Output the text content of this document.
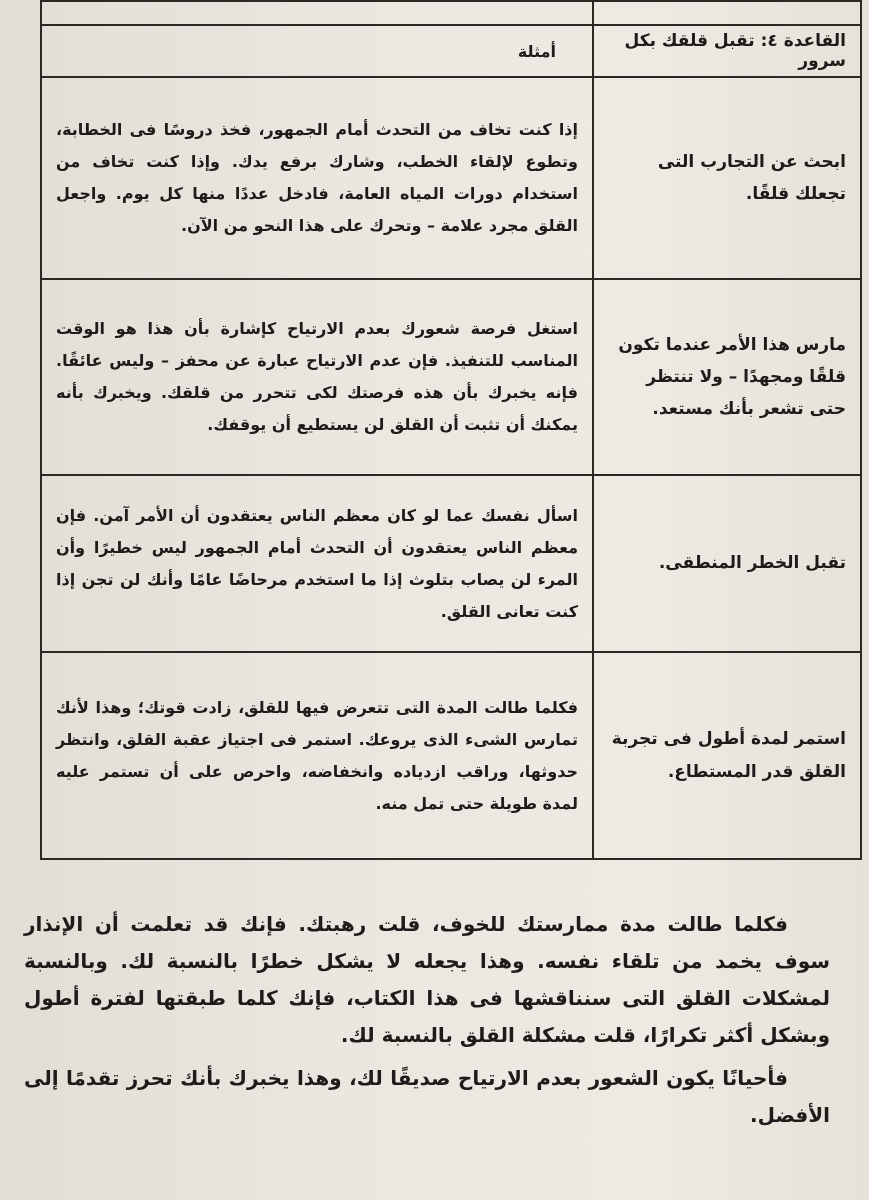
القاعدة ٤: تقبل قلقك بكل سرور	أمثلة
ابحث عن التجارب التى تجعلك قلقًا.	إذا كنت تخاف من التحدث أمام الجمهور، فخذ دروسًا فى الخطابة، وتطوع لإلقاء الخطب، وشارك برفع يدك. وإذا كنت تخاف من استخدام دورات المياه العامة، فادخل عددًا منها كل يوم. واجعل القلق مجرد علامة – وتحرك على هذا النحو من الآن.
مارس هذا الأمر عندما تكون قلقًا ومجهدًا – ولا تنتظر حتى تشعر بأنك مستعد.	استغل فرصة شعورك بعدم الارتياح كإشارة بأن هذا هو الوقت المناسب للتنفيذ. فإن عدم الارتياح عبارة عن محفز – وليس عائقًا. فإنه يخبرك بأن هذه فرصتك لكى تتحرر من قلقك. ويخبرك بأنه يمكنك أن تثبت أن القلق لن يستطيع أن يوقفك.
تقبل الخطر المنطقى.	اسأل نفسك عما لو كان معظم الناس يعتقدون أن الأمر آمن. فإن معظم الناس يعتقدون أن التحدث أمام الجمهور ليس خطيرًا وأن المرء لن يصاب بتلوث إذا ما استخدم مرحاضًا عامًا وأنك لن تجن إذا كنت تعانى القلق.
استمر لمدة أطول فى تجربة القلق قدر المستطاع.	فكلما طالت المدة التى تتعرض فيها للقلق، زادت قوتك؛ وهذا لأنك تمارس الشىء الذى يروعك. استمر فى اجتياز عقبة القلق، وانتظر حدوثها، وراقب ازدياده وانخفاضه، واحرص على أن تستمر عليه لمدة طويلة حتى تمل منه.

فكلما طالت مدة ممارستك للخوف، قلت رهبتك. فإنك قد تعلمت أن الإنذار سوف يخمد من تلقاء نفسه. وهذا يجعله لا يشكل خطرًا بالنسبة لك. وبالنسبة لمشكلات القلق التى سنناقشها فى هذا الكتاب، فإنك كلما طبقتها لفترة أطول وبشكل أكثر تكرارًا، قلت مشكلة القلق بالنسبة لك.

فأحيانًا يكون الشعور بعدم الارتياح صديقًا لك، وهذا يخبرك بأنك تحرز تقدمًا إلى الأفضل.
